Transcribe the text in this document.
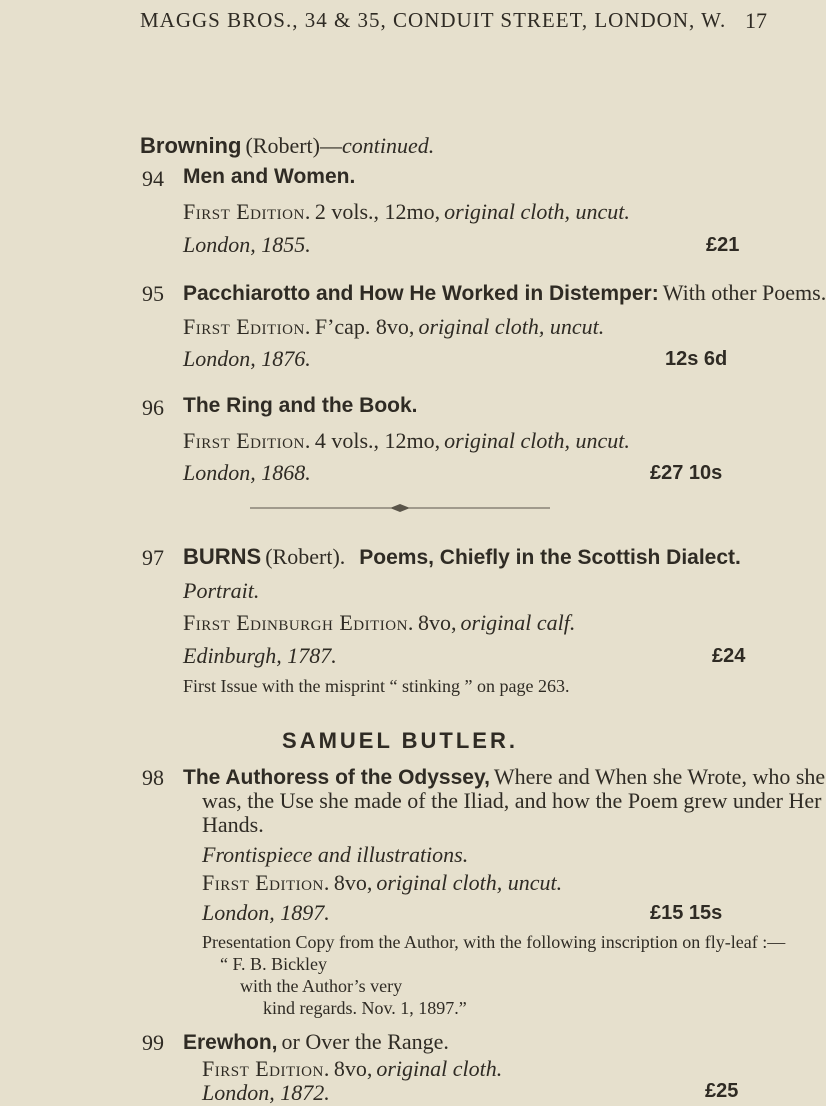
MAGGS BROS., 34 & 35, CONDUIT STREET, LONDON, W. 17
Browning (Robert)—continued.
94 Men and Women.
First Edition. 2 vols., 12mo, original cloth, uncut.
London, 1855.	£21
95 Pacchiarotto and How He Worked in Distemper: With other Poems.
First Edition. F’cap. 8vo, original cloth, uncut.
London, 1876.	12s 6d
96 The Ring and the Book.
First Edition. 4 vols., 12mo, original cloth, uncut.
London, 1868.	£27 10s
97 BURNS (Robert). Poems, Chiefly in the Scottish Dialect.
Portrait.
First Edinburgh Edition. 8vo, original calf.
Edinburgh, 1787.	£24
First Issue with the misprint “ stinking ” on page 263.
SAMUEL BUTLER.
98 The Authoress of the Odyssey, Where and When she Wrote, who she
was, the Use she made of the Iliad, and how the Poem grew under Her
Hands.
Frontispiece and illustrations.
First Edition. 8vo, original cloth, uncut.
London, 1897.	£15 15s
Presentation Copy from the Author, with the following inscription on fly-leaf :—
“ F. B. Bickley
with the Author’s very
kind regards. Nov. 1, 1897.”
99 Erewhon, or Over the Range.
First Edition. 8vo, original cloth.
London, 1872.	£25
